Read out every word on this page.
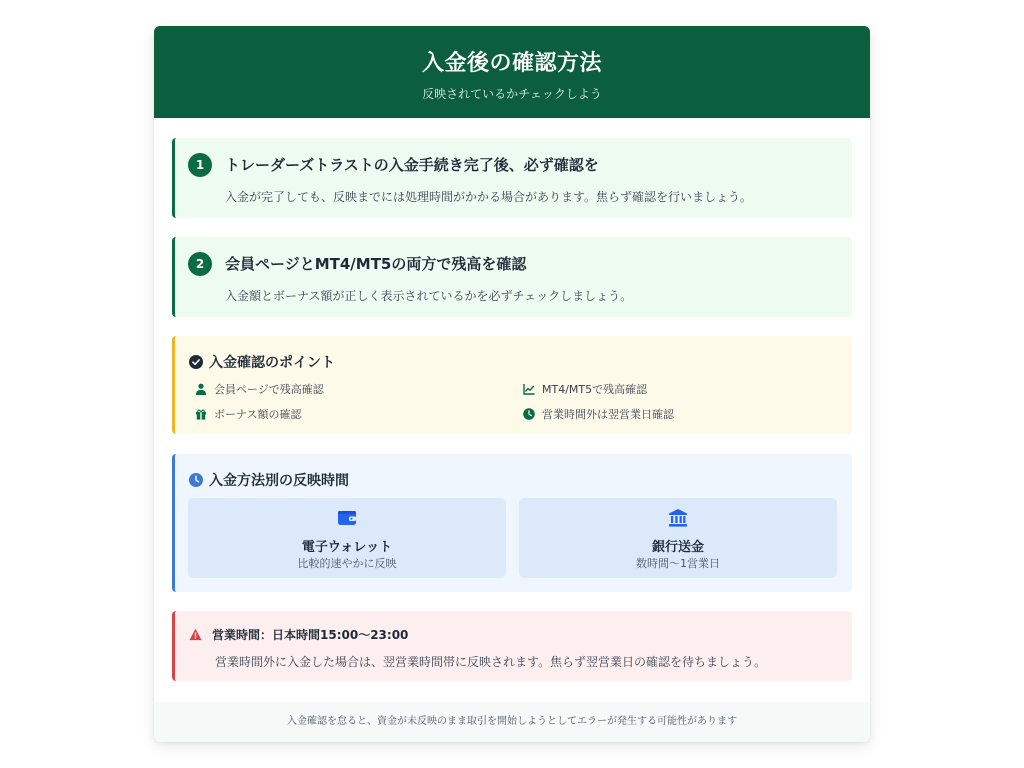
入金後の確認方法
反映されているかチェックしよう
1	トレーダーズトラストの入金手続き完了後、必ず確認を
入金が完了しても、反映までには処理時間がかかる場合があります。焦らず確認を行いましょう。
2	会員ページとMT4/MT5の両方で残高を確認
入金額とボーナス額が正しく表示されているかを必ずチェックしましょう。
入金確認のポイント
会員ページで残高確認	MT4/MT5で残高確認
ボーナス額の確認	営業時間外は翌営業日確認
入金方法別の反映時間
電子ウォレット
比較的速やかに反映
銀行送金
数時間〜1営業日
営業時間：日本時間15:00〜23:00
営業時間外に入金した場合は、翌営業時間帯に反映されます。焦らず翌営業日の確認を待ちましょう。
入金確認を怠ると、資金が未反映のまま取引を開始しようとしてエラーが発生する可能性があります
